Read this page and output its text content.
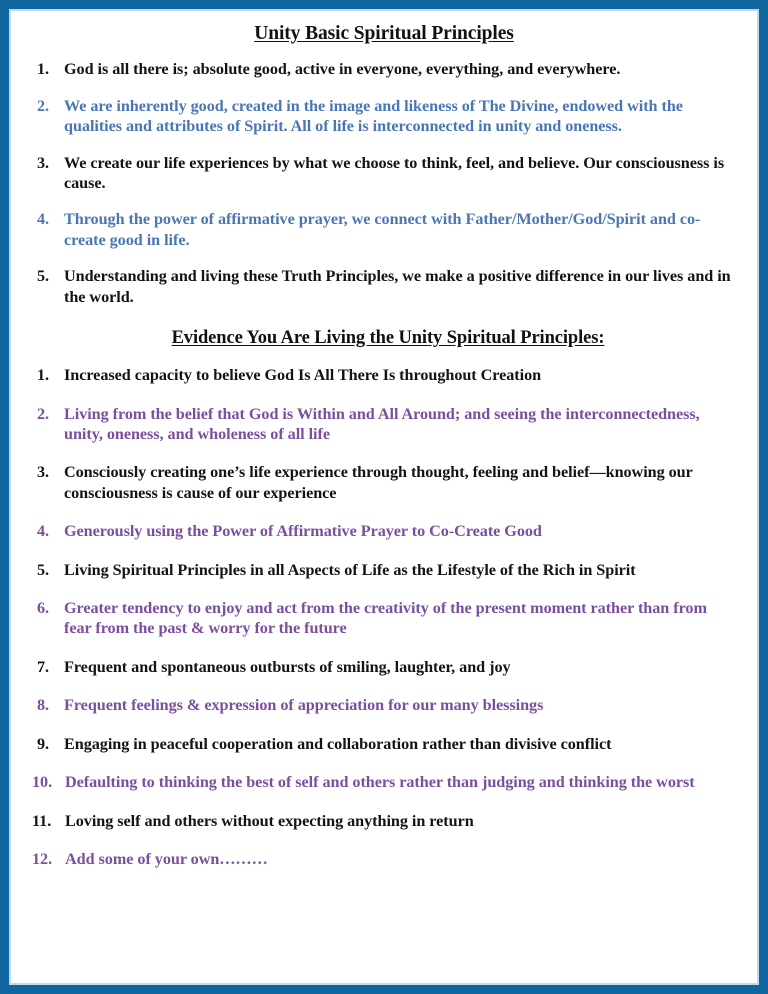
Unity Basic Spiritual Principles
1. God is all there is; absolute good, active in everyone, everything, and everywhere.
2. We are inherently good, created in the image and likeness of The Divine, endowed with the qualities and attributes of Spirit. All of life is interconnected in unity and oneness.
3. We create our life experiences by what we choose to think, feel, and believe. Our consciousness is cause.
4. Through the power of affirmative prayer, we connect with Father/Mother/God/Spirit and co-create good in life.
5. Understanding and living these Truth Principles, we make a positive difference in our lives and in the world.
Evidence You Are Living the Unity Spiritual Principles:
1. Increased capacity to believe God Is All There Is throughout Creation
2. Living from the belief that God is Within and All Around; and seeing the interconnectedness, unity, oneness, and wholeness of all life
3. Consciously creating one’s life experience through thought, feeling and belief—knowing our consciousness is cause of our experience
4. Generously using the Power of Affirmative Prayer to Co-Create Good
5. Living Spiritual Principles in all Aspects of Life as the Lifestyle of the Rich in Spirit
6. Greater tendency to enjoy and act from the creativity of the present moment rather than from fear from the past & worry for the future
7. Frequent and spontaneous outbursts of smiling, laughter, and joy
8. Frequent feelings & expression of appreciation for our many blessings
9. Engaging in peaceful cooperation and collaboration rather than divisive conflict
10. Defaulting to thinking the best of self and others rather than judging and thinking the worst
11. Loving self and others without expecting anything in return
12. Add some of your own………
